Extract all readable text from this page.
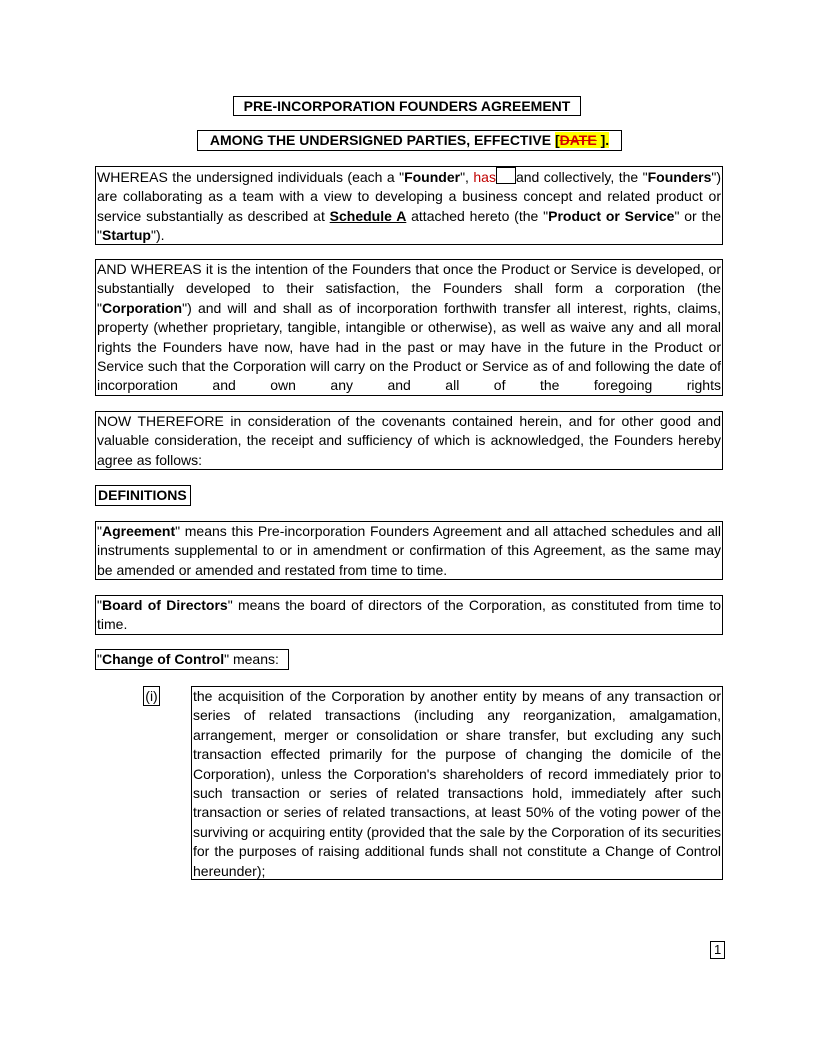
PRE-INCORPORATION FOUNDERS AGREEMENT
AMONG THE UNDERSIGNED PARTIES, EFFECTIVE [DATE ].
WHEREAS the undersigned individuals (each a "Founder", has and collectively, the "Founders") are collaborating as a team with a view to developing a business concept and related product or service substantially as described at Schedule A attached hereto (the "Product or Service" or the "Startup").
AND WHEREAS it is the intention of the Founders that once the Product or Service is developed, or substantially developed to their satisfaction, the Founders shall form a corporation (the "Corporation") and will and shall as of incorporation forthwith transfer all interest, rights, claims, property (whether proprietary, tangible, intangible or otherwise), as well as waive any and all moral rights the Founders have now, have had in the past or may have in the future in the Product or Service such that the Corporation will carry on the Product or Service as of and following the date of incorporation and own any and all of the foregoing rights
NOW THEREFORE in consideration of the covenants contained herein, and for other good and valuable consideration, the receipt and sufficiency of which is acknowledged, the Founders hereby agree as follows:
DEFINITIONS
"Agreement" means this Pre-incorporation Founders Agreement and all attached schedules and all instruments supplemental to or in amendment or confirmation of this Agreement, as the same may be amended or amended and restated from time to time.
"Board of Directors" means the board of directors of the Corporation, as constituted from time to time.
"Change of Control" means:
(i)	the acquisition of the Corporation by another entity by means of any transaction or series of related transactions (including any reorganization, amalgamation, arrangement, merger or consolidation or share transfer, but excluding any such transaction effected primarily for the purpose of changing the domicile of the Corporation), unless the Corporation's shareholders of record immediately prior to such transaction or series of related transactions hold, immediately after such transaction or series of related transactions, at least 50% of the voting power of the surviving or acquiring entity (provided that the sale by the Corporation of its securities for the purposes of raising additional funds shall not constitute a Change of Control hereunder);
1
